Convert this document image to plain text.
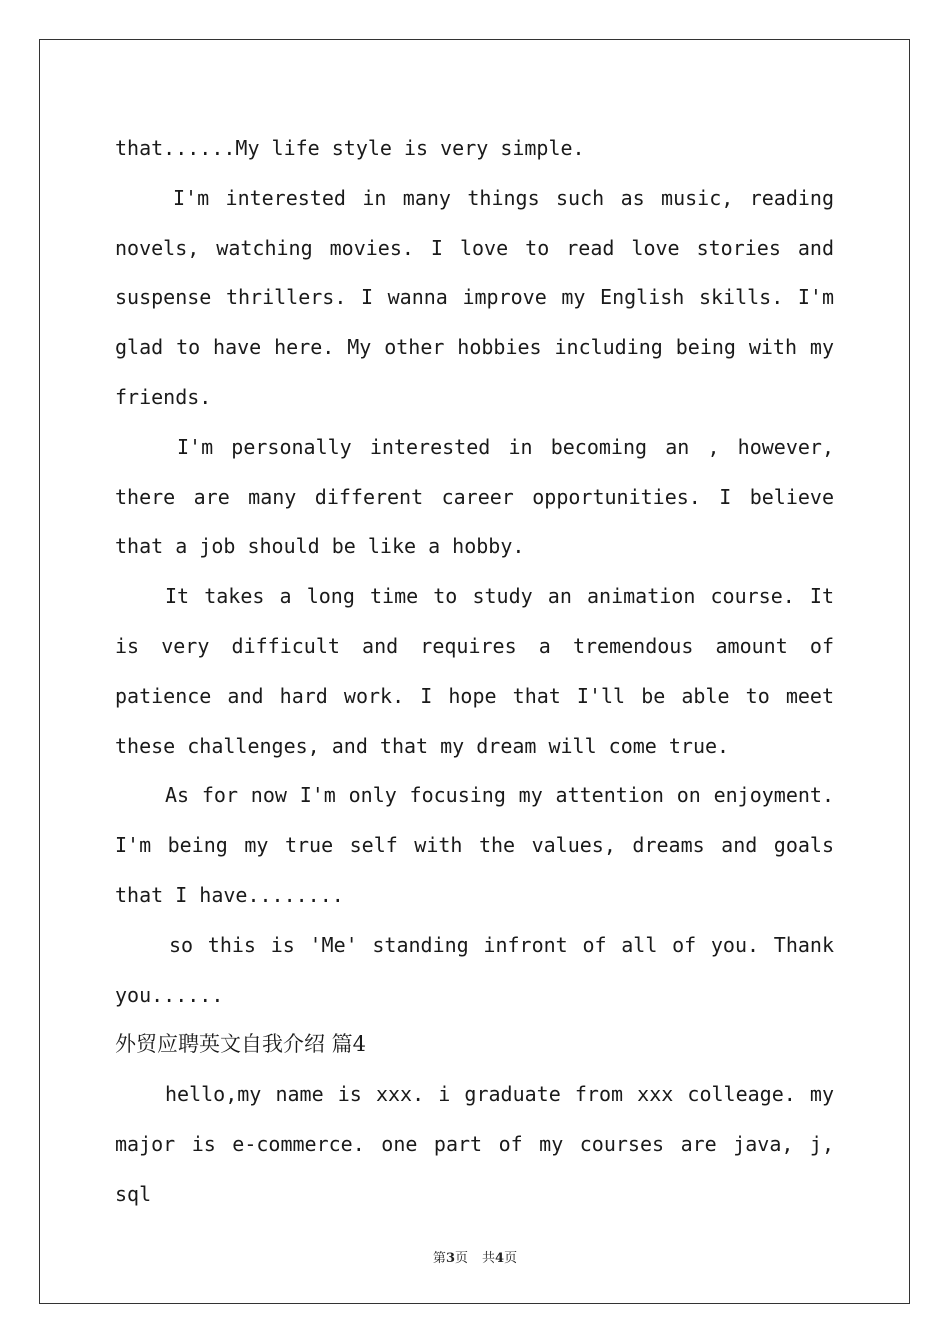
that......My life style is very simple.

I'm interested in many things such as music, reading novels, watching movies. I love to read love stories and suspense thrillers. I wanna improve my English skills. I'm glad to have here. My other hobbies including being with my friends.

I'm personally interested in becoming an , however, there are many different career opportunities. I believe that a job should be like a hobby.

It takes a long time to study an animation course. It is very difficult and requires a tremendous amount of patience and hard work. I hope that I'll be able to meet these challenges, and that my dream will come true.

As for now I'm only focusing my attention on enjoyment. I'm being my true self with the values, dreams and goals that I have........

so this is 'Me' standing infront of all of you. Thank you......

外贸应聘英文自我介绍 篇4

hello,my name is xxx. i graduate from xxx colleage. my major is e-commerce. one part of my courses are java, j, sql

第3页 共4页
